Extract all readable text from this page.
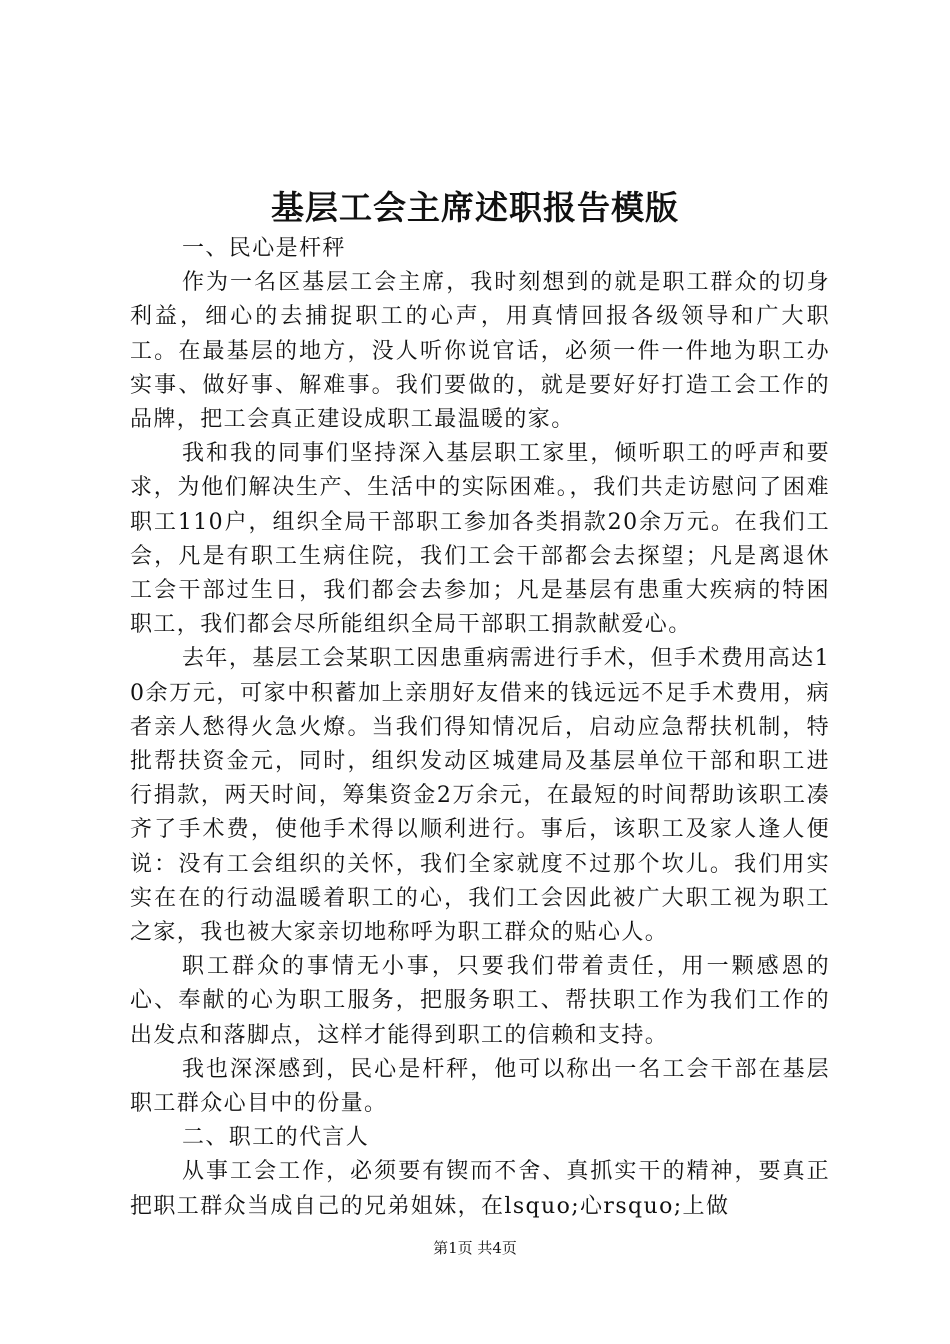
基层工会主席述职报告模版

一、民心是杆秤

作为一名区基层工会主席，我时刻想到的就是职工群众的切身利益，细心的去捕捉职工的心声，用真情回报各级领导和广大职工。在最基层的地方，没人听你说官话，必须一件一件地为职工办实事、做好事、解难事。我们要做的，就是要好好打造工会工作的品牌，把工会真正建设成职工最温暖的家。

我和我的同事们坚持深入基层职工家里，倾听职工的呼声和要求，为他们解决生产、生活中的实际困难。，我们共走访慰问了困难职工110户，组织全局干部职工参加各类捐款20余万元。在我们工会，凡是有职工生病住院，我们工会干部都会去探望；凡是离退休工会干部过生日，我们都会去参加；凡是基层有患重大疾病的特困职工，我们都会尽所能组织全局干部职工捐款献爱心。

去年，基层工会某职工因患重病需进行手术，但手术费用高达10余万元，可家中积蓄加上亲朋好友借来的钱远远不足手术费用，病者亲人愁得火急火燎。当我们得知情况后，启动应急帮扶机制，特批帮扶资金元，同时，组织发动区城建局及基层单位干部和职工进行捐款，两天时间，筹集资金2万余元，在最短的时间帮助该职工凑齐了手术费，使他手术得以顺利进行。事后，该职工及家人逢人便说：没有工会组织的关怀，我们全家就度不过那个坎儿。我们用实实在在的行动温暖着职工的心，我们工会因此被广大职工视为职工之家，我也被大家亲切地称呼为职工群众的贴心人。

职工群众的事情无小事，只要我们带着责任，用一颗感恩的心、奉献的心为职工服务，把服务职工、帮扶职工作为我们工作的出发点和落脚点，这样才能得到职工的信赖和支持。

我也深深感到，民心是杆秤，他可以称出一名工会干部在基层职工群众心目中的份量。

二、职工的代言人

从事工会工作，必须要有锲而不舍、真抓实干的精神，要真正把职工群众当成自己的兄弟姐妹，在lsquo;心rsquo;上做

第1页 共4页
